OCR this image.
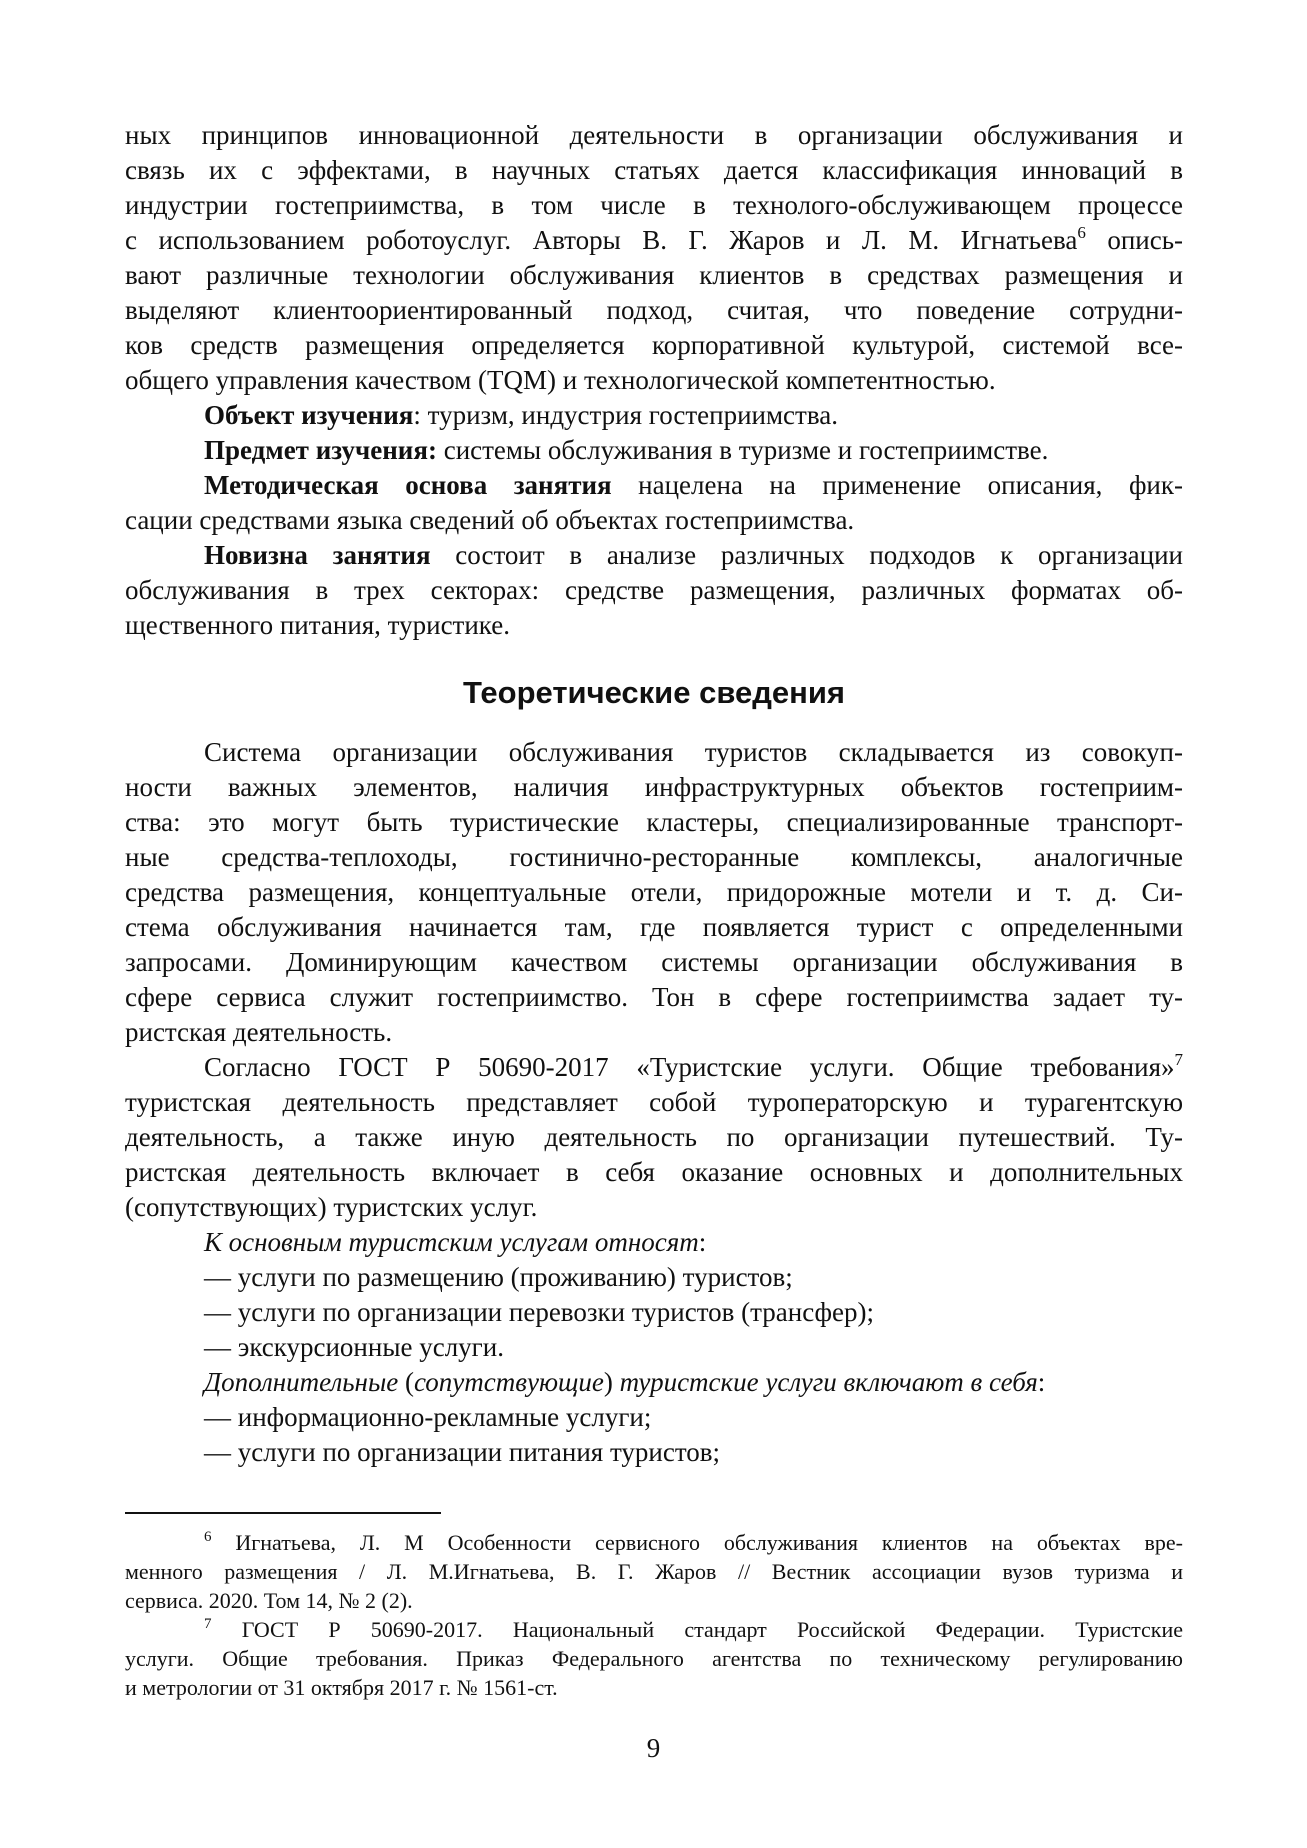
ных принципов инновационной деятельности в организации обслуживания и

связь их с эффектами, в научных статьях дается классификация инноваций в

индустрии гостеприимства, в том числе в технолого-обслуживающем процессе

с использованием роботоуслуг. Авторы В. Г. Жаров и Л. М. Игнатьева$^6$ опись-

вают различные технологии обслуживания клиентов в средствах размещения и

выделяют клиентоориентированный подход, считая, что поведение сотрудни-

ков средств размещения определяется корпоративной культурой, системой все-

общего управления качеством (TQM) и технологической компетентностью.

Объект изучения: туризм, индустрия гостеприимства.

Предмет изучения: системы обслуживания в туризме и гостеприимстве.

Методическая основа занятия нацелена на применение описания, фик-

сации средствами языка сведений об объектах гостеприимства.

Новизна занятия состоит в анализе различных подходов к организации

обслуживания в трех секторах: средстве размещения, различных форматах об-

щественного питания, туристике.

Теоретические сведения

Система организации обслуживания туристов складывается из совокуп-

ности важных элементов, наличия инфраструктурных объектов гостеприим-

ства: это могут быть туристические кластеры, специализированные транспорт-

ные средства-теплоходы, гостинично-ресторанные комплексы, аналогичные

средства размещения, концептуальные отели, придорожные мотели и т. д. Си-

стема обслуживания начинается там, где появляется турист с определенными

запросами. Доминирующим качеством системы организации обслуживания в

сфере сервиса служит гостеприимство. Тон в сфере гостеприимства задает ту-

ристская деятельность.

Согласно ГОСТ Р 50690-2017 «Туристские услуги. Общие требования»$^7$

туристская деятельность представляет собой туроператорскую и турагентскую

деятельность, а также иную деятельность по организации путешествий. Ту-

ристская деятельность включает в себя оказание основных и дополнительных

(сопутствующих) туристских услуг.

К основным туристским услугам относят:

— услуги по размещению (проживанию) туристов;

— услуги по организации перевозки туристов (трансфер);

— экскурсионные услуги.

Дополнительные (сопутствующие) туристские услуги включают в себя:

— информационно-рекламные услуги;

— услуги по организации питания туристов;

$^6$ Игнатьева, Л. М Особенности сервисного обслуживания клиентов на объектах вре-

менного размещения / Л. М.Игнатьева, В. Г. Жаров // Вестник ассоциации вузов туризма и

сервиса. 2020. Том 14, № 2 (2).

$^7$ ГОСТ Р 50690-2017. Национальный стандарт Российской Федерации. Туристские

услуги. Общие требования. Приказ Федерального агентства по техническому регулированию

и метрологии от 31 октября 2017 г. № 1561-ст.

9
